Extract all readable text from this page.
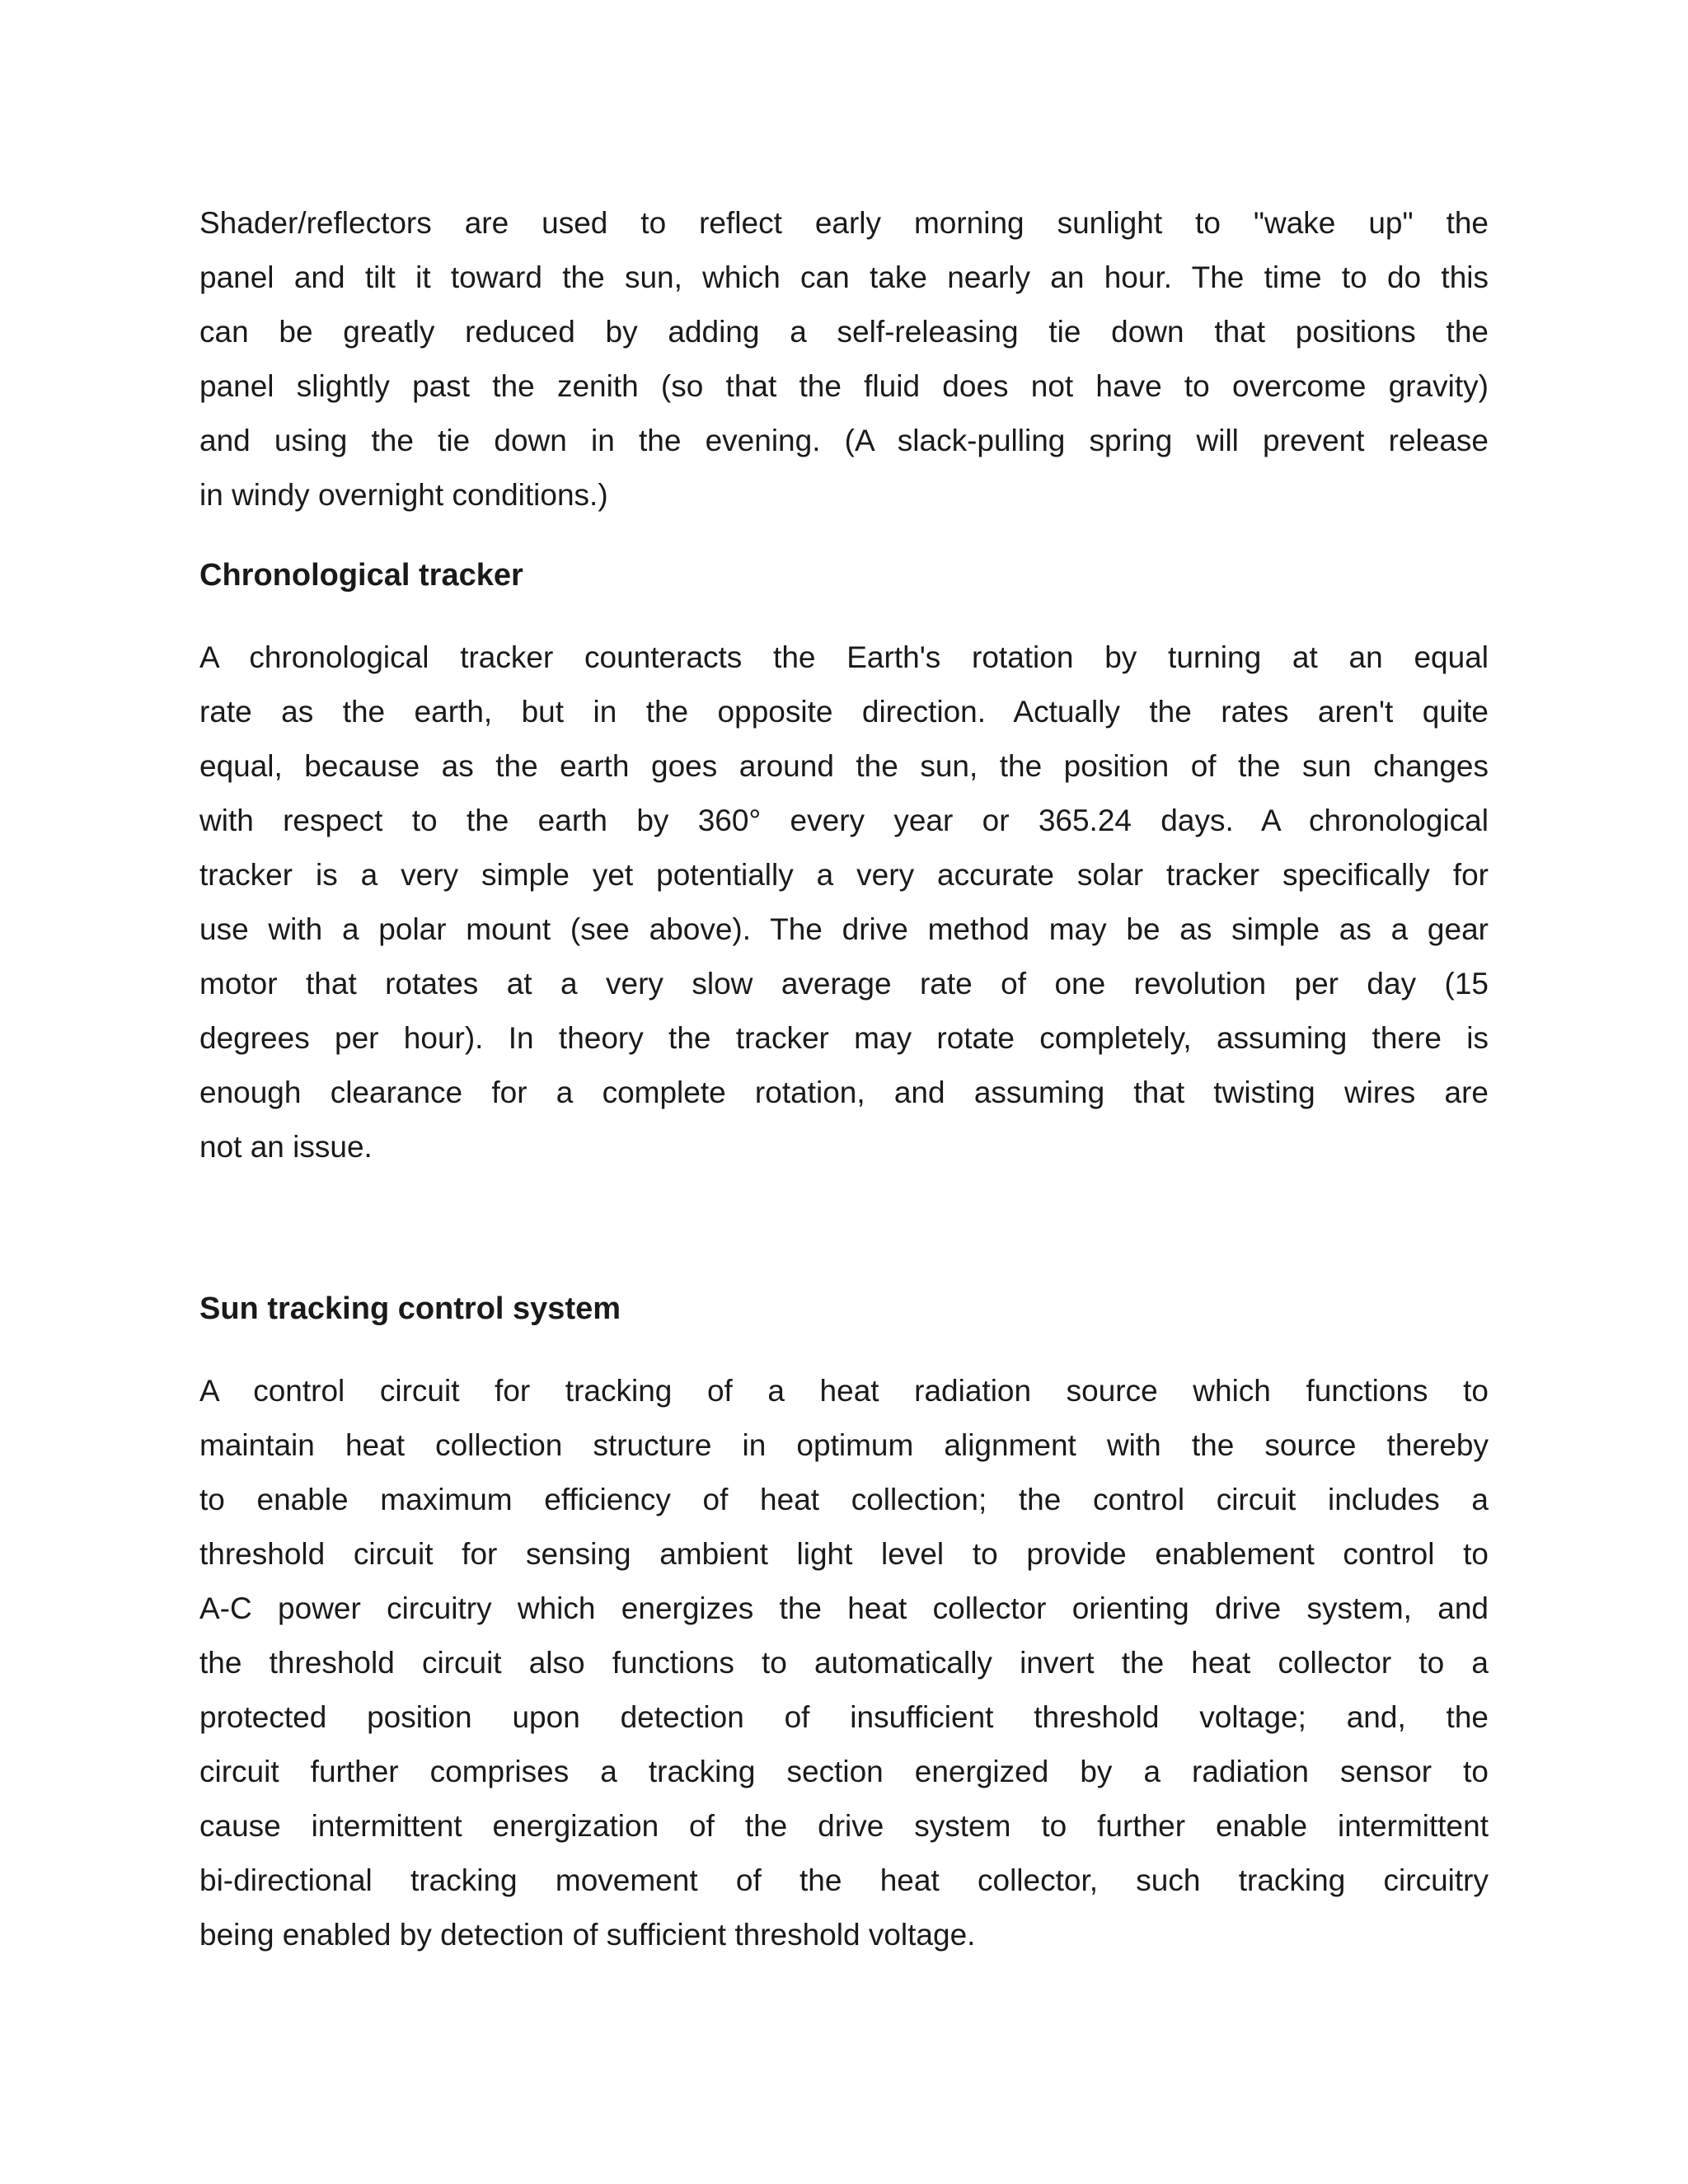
Shader/reflectors are used to reflect early morning sunlight to "wake up" the
panel and tilt it toward the sun, which can take nearly an hour. The time to do this
can be greatly reduced by adding a self-releasing tie down that positions the
panel slightly past the zenith (so that the fluid does not have to overcome gravity)
and using the tie down in the evening. (A slack-pulling spring will prevent release
in windy overnight conditions.)
Chronological tracker
A chronological tracker counteracts the Earth's rotation by turning at an equal
rate as the earth, but in the opposite direction. Actually the rates aren't quite
equal, because as the earth goes around the sun, the position of the sun changes
with respect to the earth by 360° every year or 365.24 days. A chronological
tracker is a very simple yet potentially a very accurate solar tracker specifically for
use with a polar mount (see above). The drive method may be as simple as a gear
motor that rotates at a very slow average rate of one revolution per day (15
degrees per hour). In theory the tracker may rotate completely, assuming there is
enough clearance for a complete rotation, and assuming that twisting wires are
not an issue.
Sun tracking control system
A control circuit for tracking of a heat radiation source which functions to
maintain heat collection structure in optimum alignment with the source thereby
to enable maximum efficiency of heat collection; the control circuit includes a
threshold circuit for sensing ambient light level to provide enablement control to
A-C power circuitry which energizes the heat collector orienting drive system, and
the threshold circuit also functions to automatically invert the heat collector to a
protected position upon detection of insufficient threshold voltage; and, the
circuit further comprises a tracking section energized by a radiation sensor to
cause intermittent energization of the drive system to further enable intermittent
bi-directional tracking movement of the heat collector, such tracking circuitry
being enabled by detection of sufficient threshold voltage.
